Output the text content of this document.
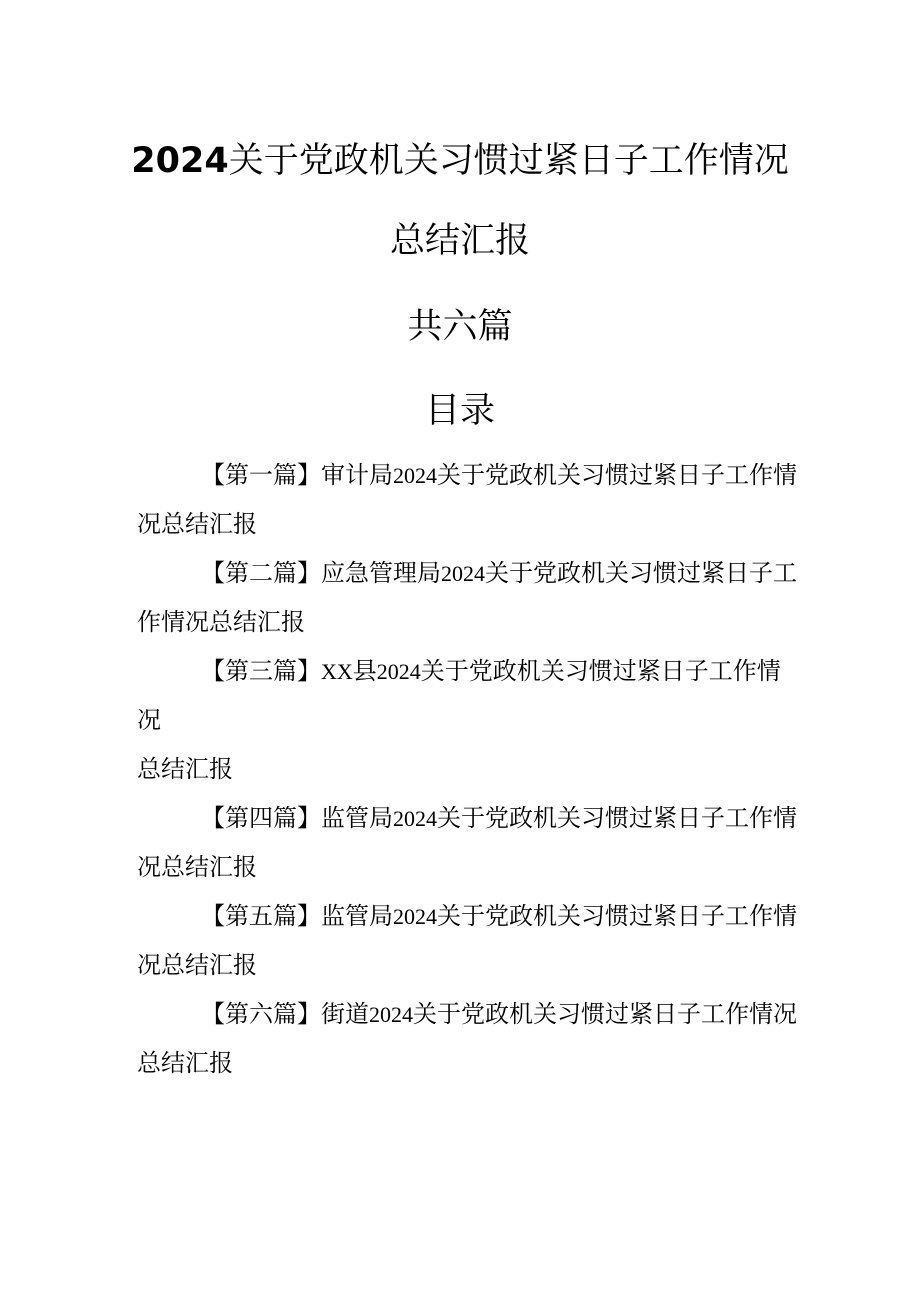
2024关于党政机关习惯过紧日子工作情况
总结汇报
共六篇
目录

【第一篇】审计局2024关于党政机关习惯过紧日子工作情
况总结汇报

【第二篇】应急管理局2024关于党政机关习惯过紧日子工
作情况总结汇报

【第三篇】XX县2024关于党政机关习惯过紧日子工作情况
总结汇报

【第四篇】监管局2024关于党政机关习惯过紧日子工作情
况总结汇报

【第五篇】监管局2024关于党政机关习惯过紧日子工作情
况总结汇报

【第六篇】街道2024关于党政机关习惯过紧日子工作情况
总结汇报
